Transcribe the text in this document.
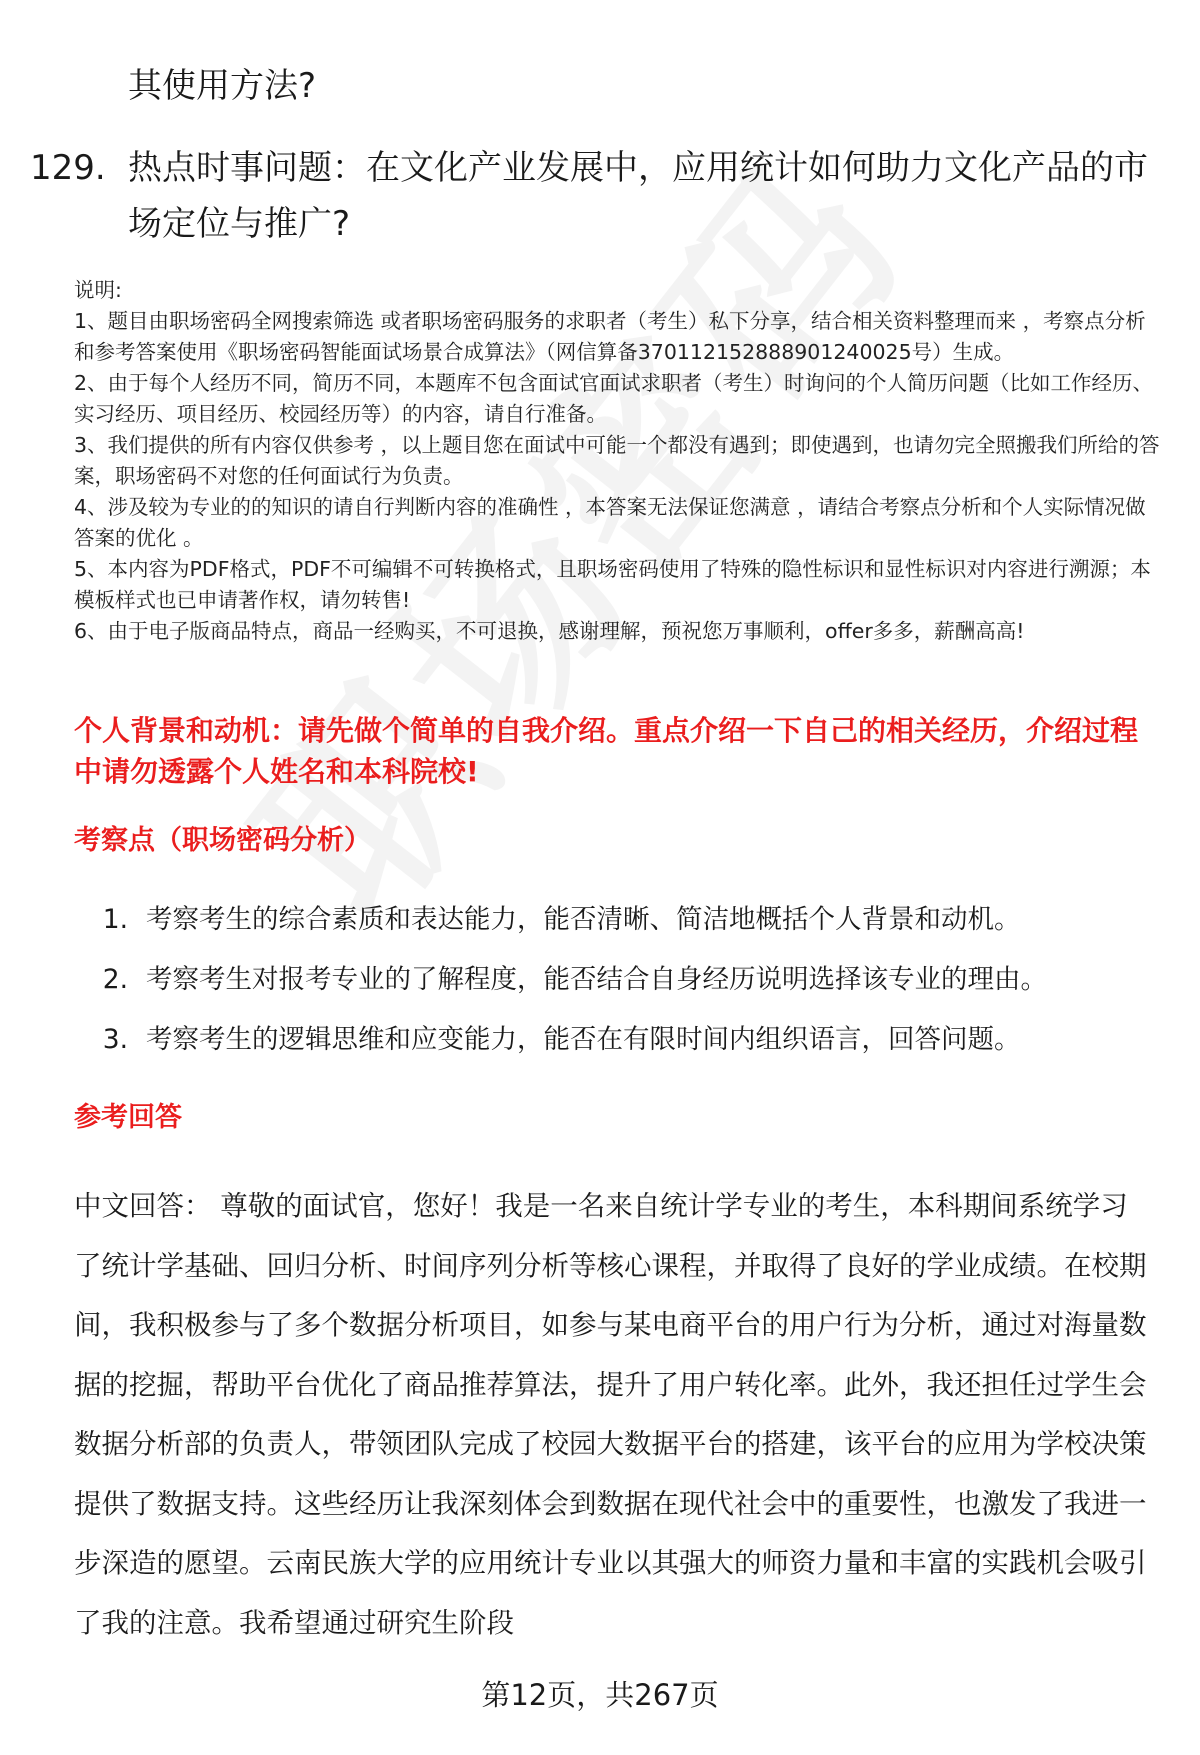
其使用方法?
129. 热点时事问题：在文化产业发展中，应用统计如何助力文化产品的市场定位与推广?
说明:
1、题目由职场密码全网搜索筛选 或者职场密码服务的求职者（考生）私下分享，结合相关资料整理而来 ，考察点分析和参考答案使用《职场密码智能面试场景合成算法》（网信算备370112152888901240025号）生成。
2、由于每个人经历不同，简历不同，本题库不包含面试官面试求职者（考生）时询问的个人简历问题（比如工作经历、实习经历、项目经历、校园经历等）的内容，请自行准备。
3、我们提供的所有内容仅供参考 ，以上题目您在面试中可能一个都没有遇到；即使遇到，也请勿完全照搬我们所给的答案，职场密码不对您的任何面试行为负责。
4、涉及较为专业的的知识的请自行判断内容的准确性 ，本答案无法保证您满意 ，请结合考察点分析和个人实际情况做答案的优化 。
5、本内容为PDF格式，PDF不可编辑不可转换格式，且职场密码使用了特殊的隐性标识和显性标识对内容进行溯源；本模板样式也已申请著作权，请勿转售!
6、由于电子版商品特点，商品一经购买，不可退换，感谢理解，预祝您万事顺利，offer多多，薪酬高高!
个人背景和动机：请先做个简单的自我介绍。重点介绍一下自己的相关经历，介绍过程中请勿透露个人姓名和本科院校!
考察点（职场密码分析）
1. 考察考生的综合素质和表达能力，能否清晰、简洁地概括个人背景和动机。
2. 考察考生对报考专业的了解程度，能否结合自身经历说明选择该专业的理由。
3. 考察考生的逻辑思维和应变能力，能否在有限时间内组织语言，回答问题。
参考回答
中文回答： 尊敬的面试官，您好！我是一名来自统计学专业的考生，本科期间系统学习了统计学基础、回归分析、时间序列分析等核心课程，并取得了良好的学业成绩。在校期间，我积极参与了多个数据分析项目，如参与某电商平台的用户行为分析，通过对海量数据的挖掘，帮助平台优化了商品推荐算法，提升了用户转化率。此外，我还担任过学生会数据分析部的负责人，带领团队完成了校园大数据平台的搭建，该平台的应用为学校决策提供了数据支持。这些经历让我深刻体会到数据在现代社会中的重要性，也激发了我进一步深造的愿望。云南民族大学的应用统计专业以其强大的师资力量和丰富的实践机会吸引了我的注意。我希望通过研究生阶段
第12页，共267页
